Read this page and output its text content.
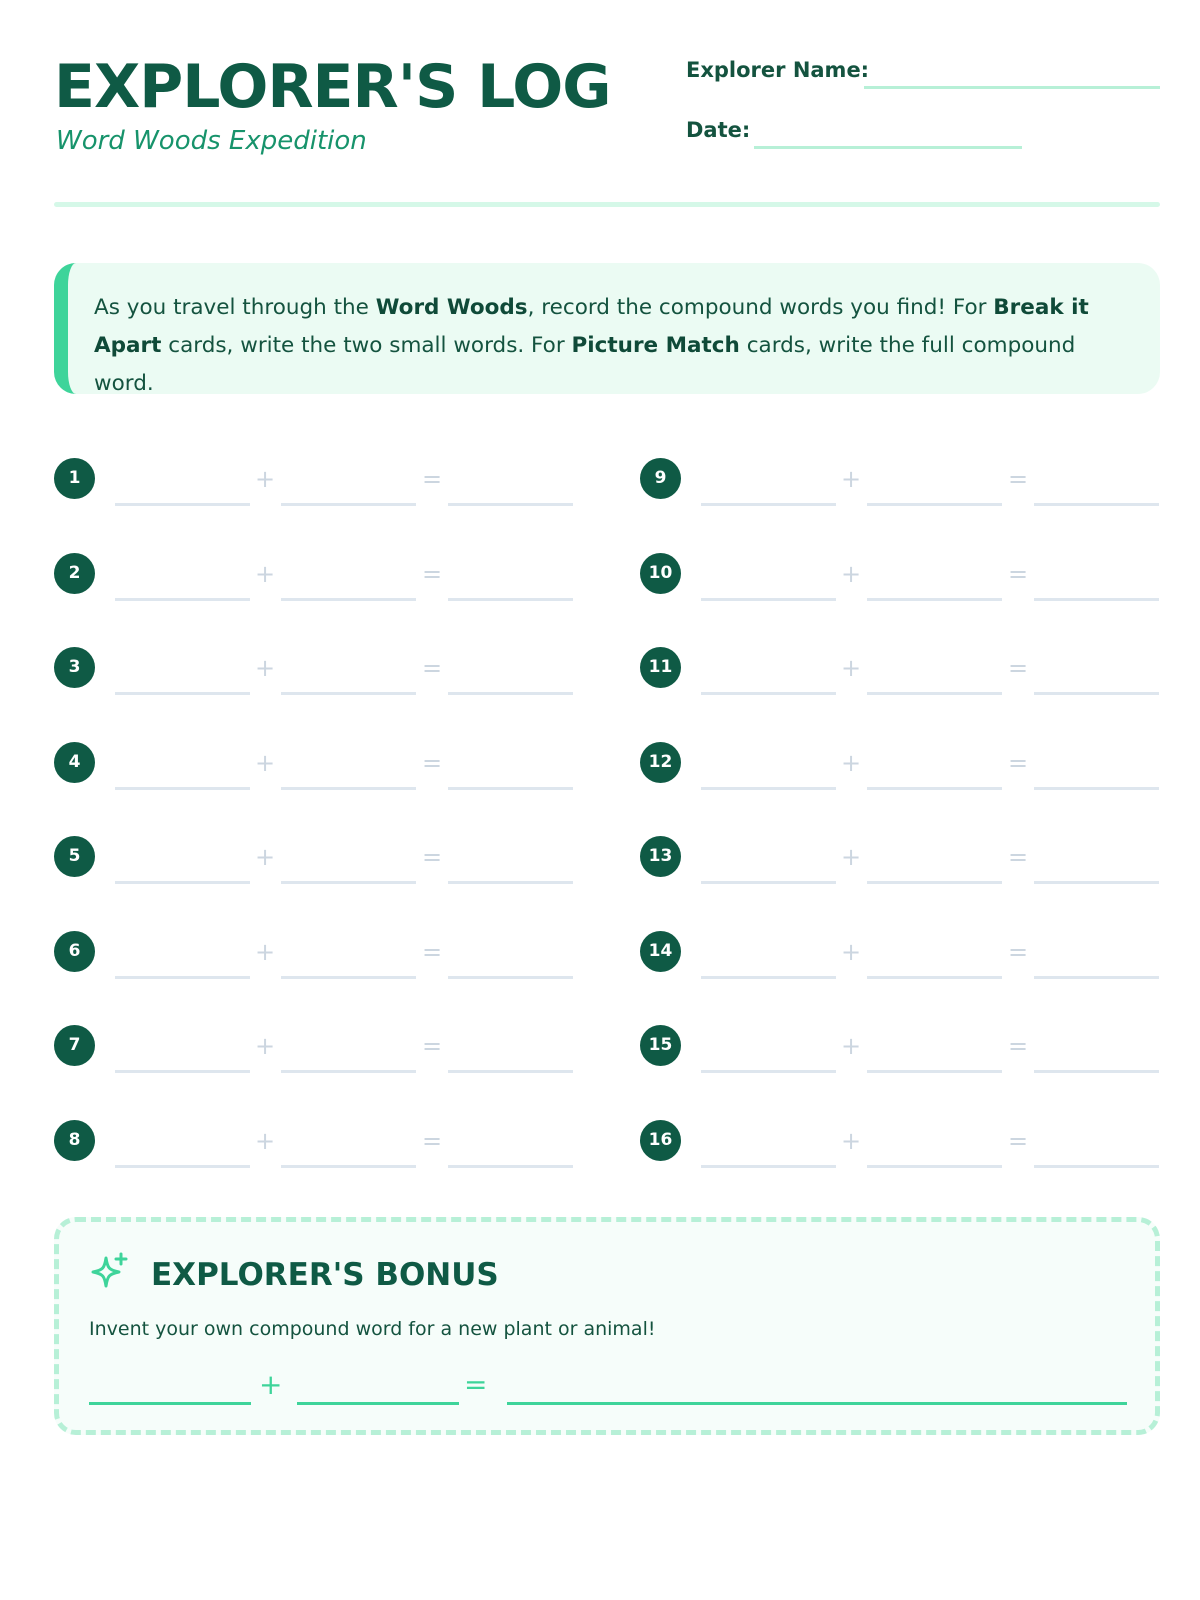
EXPLORER'S LOG
Word Woods Expedition
Explorer Name:
Date:
As you travel through the Word Woods, record the compound words you find! For Break it Apart cards, write the two small words. For Picture Match cards, write the full compound word.
1	+	=
2	+	=
3	+	=
4	+	=
5	+	=
6	+	=
7	+	=
8	+	=
9	+	=
10	+	=
11	+	=
12	+	=
13	+	=
14	+	=
15	+	=
16	+	=
EXPLORER'S BONUS
Invent your own compound word for a new plant or animal!
+	=
